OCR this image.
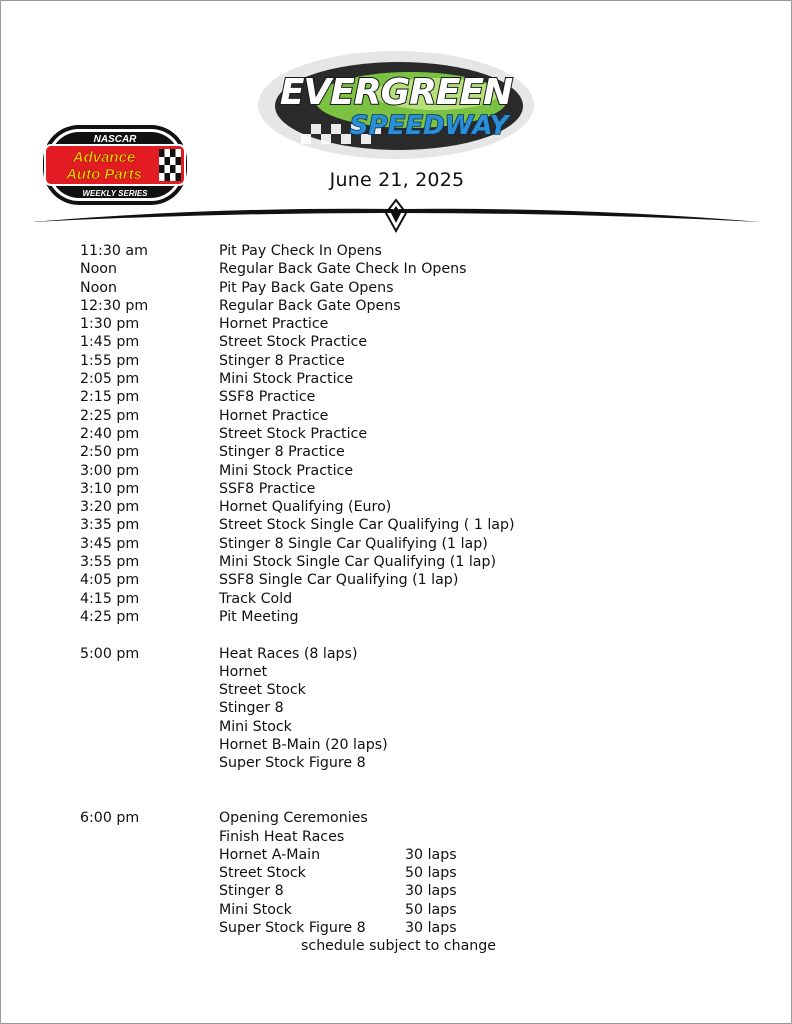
NASCAR
Advance
Auto Parts
WEEKLY SERIES
EVERGREEN
SPEEDWAY
June 21, 2025
11:30 am	Pit Pay Check In Opens
Noon	Regular Back Gate Check In Opens
Noon	Pit Pay Back Gate Opens
12:30 pm	Regular Back Gate Opens
1:30 pm	Hornet Practice
1:45 pm	Street Stock Practice
1:55 pm	Stinger 8 Practice
2:05 pm	Mini Stock Practice
2:15 pm	SSF8 Practice
2:25 pm	Hornet Practice
2:40 pm	Street Stock Practice
2:50 pm	Stinger 8 Practice
3:00 pm	Mini Stock Practice
3:10 pm	SSF8 Practice
3:20 pm	Hornet Qualifying (Euro)
3:35 pm	Street Stock Single Car Qualifying ( 1 lap)
3:45 pm	Stinger 8 Single Car Qualifying (1 lap)
3:55 pm	Mini Stock Single Car Qualifying (1 lap)
4:05 pm	SSF8 Single Car Qualifying (1 lap)
4:15 pm	Track Cold
4:25 pm	Pit Meeting
5:00 pm	Heat Races (8 laps)
Hornet
Street Stock
Stinger 8
Mini Stock
Hornet B-Main (20 laps)
Super Stock Figure 8
6:00 pm	Opening Ceremonies
Finish Heat Races
Hornet A-Main	30 laps
Street Stock	50 laps
Stinger 8	30 laps
Mini Stock	50 laps
Super Stock Figure 8	30 laps
schedule subject to change
